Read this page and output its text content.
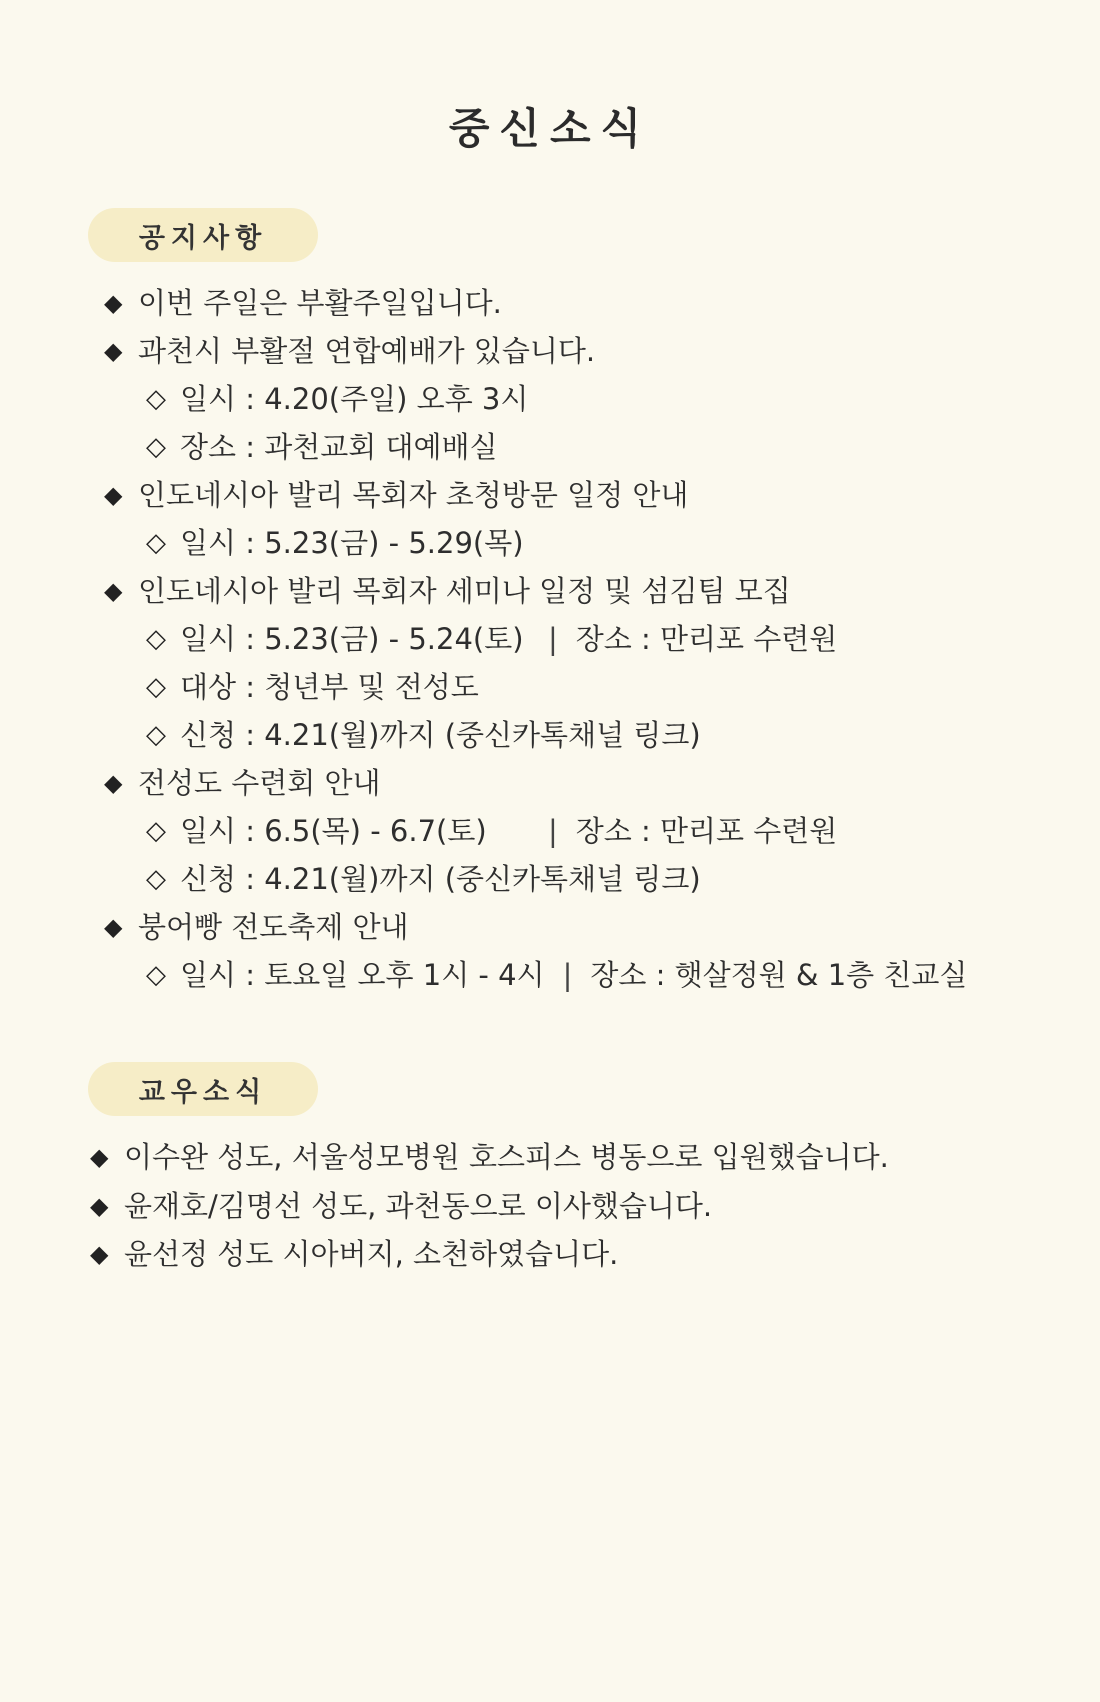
중신소식
공지사항
◆ 이번 주일은 부활주일입니다.
◆ 과천시 부활절 연합예배가 있습니다.
◇ 일시 : 4.20(주일) 오후 3시
◇ 장소 : 과천교회 대예배실
◆ 인도네시아 발리 목회자 초청방문 일정 안내
◇ 일시 : 5.23(금) - 5.29(목)
◆ 인도네시아 발리 목회자 세미나 일정 및 섬김팀 모집
◇ 일시 : 5.23(금) - 5.24(토) | 장소 : 만리포 수련원
◇ 대상 : 청년부 및 전성도
◇ 신청 : 4.21(월)까지 (중신카톡채널 링크)
◆ 전성도 수련회 안내
◇ 일시 : 6.5(목) - 6.7(토)	| 장소 : 만리포 수련원
◇ 신청 : 4.21(월)까지 (중신카톡채널 링크)
◆ 붕어빵 전도축제 안내
◇ 일시 : 토요일 오후 1시 - 4시 | 장소 : 햇살정원 & 1층 친교실
교우소식
◆ 이수완 성도, 서울성모병원 호스피스 병동으로 입원했습니다.
◆ 윤재호/김명선 성도, 과천동으로 이사했습니다.
◆ 윤선정 성도 시아버지, 소천하였습니다.
